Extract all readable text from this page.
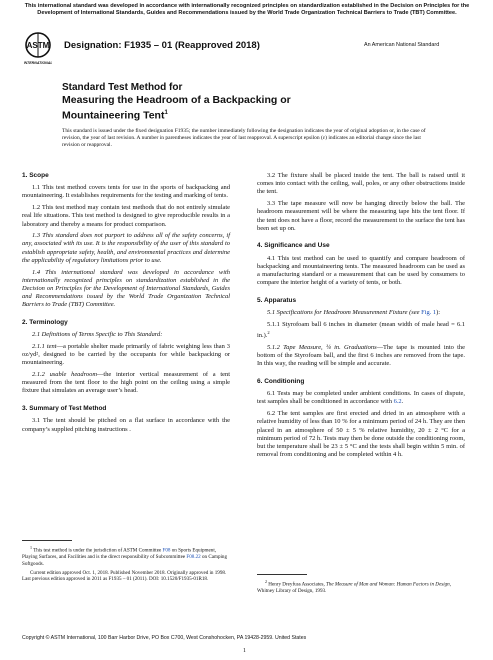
This international standard was developed in accordance with internationally recognized principles on standardization established in the Decision on Principles for the Development of International Standards, Guides and Recommendations issued by the World Trade Organization Technical Barriers to Trade (TBT) Committee.
ASTM
INTERNATIONAL
Designation: F1935 – 01 (Reapproved 2018)	An American National Standard
Standard Test Method for
Measuring the Headroom of a Backpacking or
Mountaineering Tent$^1$
This standard is issued under the fixed designation F1935; the number immediately following the designation indicates the year of original adoption or, in the case of revision, the year of last revision. A number in parentheses indicates the year of last reapproval. A superscript epsilon (ε) indicates an editorial change since the last revision or reapproval.
1. Scope

1.1 This test method covers tents for use in the sports of backpacking and mountaineering. It establishes requirements for the testing and marking of tents.

1.2 This test method may contain test methods that do not entirely simulate real life situations. This test method is designed to give reproducible results in a laboratory and thereby a means for product comparison.

1.3 This standard does not purport to address all of the safety concerns, if any, associated with its use. It is the responsibility of the user of this standard to establish appropriate safety, health, and environmental practices and determine the applicability of regulatory limitations prior to use.

1.4 This international standard was developed in accordance with internationally recognized principles on standardization established in the Decision on Principles for the Development of International Standards, Guides and Recommendations issued by the World Trade Organization Technical Barriers to Trade (TBT) Committee.

2. Terminology

2.1 Definitions of Terms Specific to This Standard:

2.1.1 tent—a portable shelter made primarily of fabric weighing less than 3 oz/yd², designed to be carried by the occupants for while backpacking or mountaineering.

2.1.2 usable headroom—the interior vertical measurement of a tent measured from the tent floor to the high point on the ceiling using a simple fixture that simulates an average user’s head.

3. Summary of Test Method

3.1 The tent should be pitched on a flat surface in accordance with the company’s supplied pitching instructions .

3.2 The fixture shall be placed inside the tent. The ball is raised until it comes into contact with the ceiling, wall, poles, or any other obstructions inside the tent.

3.3 The tape measure will now be hanging directly below the ball. The headroom measurement will be where the measuring tape hits the tent floor. If the tent does not have a floor, record the measurement to the surface the tent has been set up on.

4. Significance and Use

4.1 This test method can be used to quantify and compare headroom of backpacking and mountaineering tents. The measured headroom can be used as a manufacturing standard or a measurement that can be used by consumers to compare the interior height of a variety of tents, or both.

5. Apparatus

5.1 Specifications for Headroom Measurement Fixture (see Fig. 1):

5.1.1 Styrofoam ball 6 inches in diameter (mean width of male head = 6.1 in.).$^2$

5.1.2 Tape Measure, ¼ in. Graduations—The tape is mounted into the bottom of the Styrofoam ball, and the first 6 inches are removed from the tape. In this way, the reading will be simple and accurate.

6. Conditioning

6.1 Tests may be completed under ambient conditions. In cases of dispute, test samples shall be conditioned in accordance with 6.2.

6.2 The tent samples are first erected and dried in an atmosphere with a relative humidity of less than 10 % for a minimum period of 24 h. They are then placed in an atmosphere of 50 ± 5 % relative humidity, 20 ± 2 °C for a minimum period of 72 h. Tests may then be done outside the conditioning room, but the temperature shall be 23 ± 5 °C and the tests shall begin within 5 min. of removal from conditioning and be completed within 4 h.

$^1$ This test method is under the jurisdiction of ASTM Committee F08 on Sports Equipment, Playing Surfaces, and Facilities and is the direct responsibility of Subcommittee F08.22 on Camping Softgoods.

Current edition approved Oct. 1, 2018. Published November 2018. Originally approved in 1998. Last previous edition approved in 2011 as F1935 – 01 (2011). DOI: 10.1520/F1935-01R18.	$^2$ Henry Dreyfuss Associates, The Measure of Man and Woman: Human Factors in Design, Whitney Library of Design, 1993.

Copyright © ASTM International, 100 Barr Harbor Drive, PO Box C700, West Conshohocken, PA 19428-2959. United States
1
